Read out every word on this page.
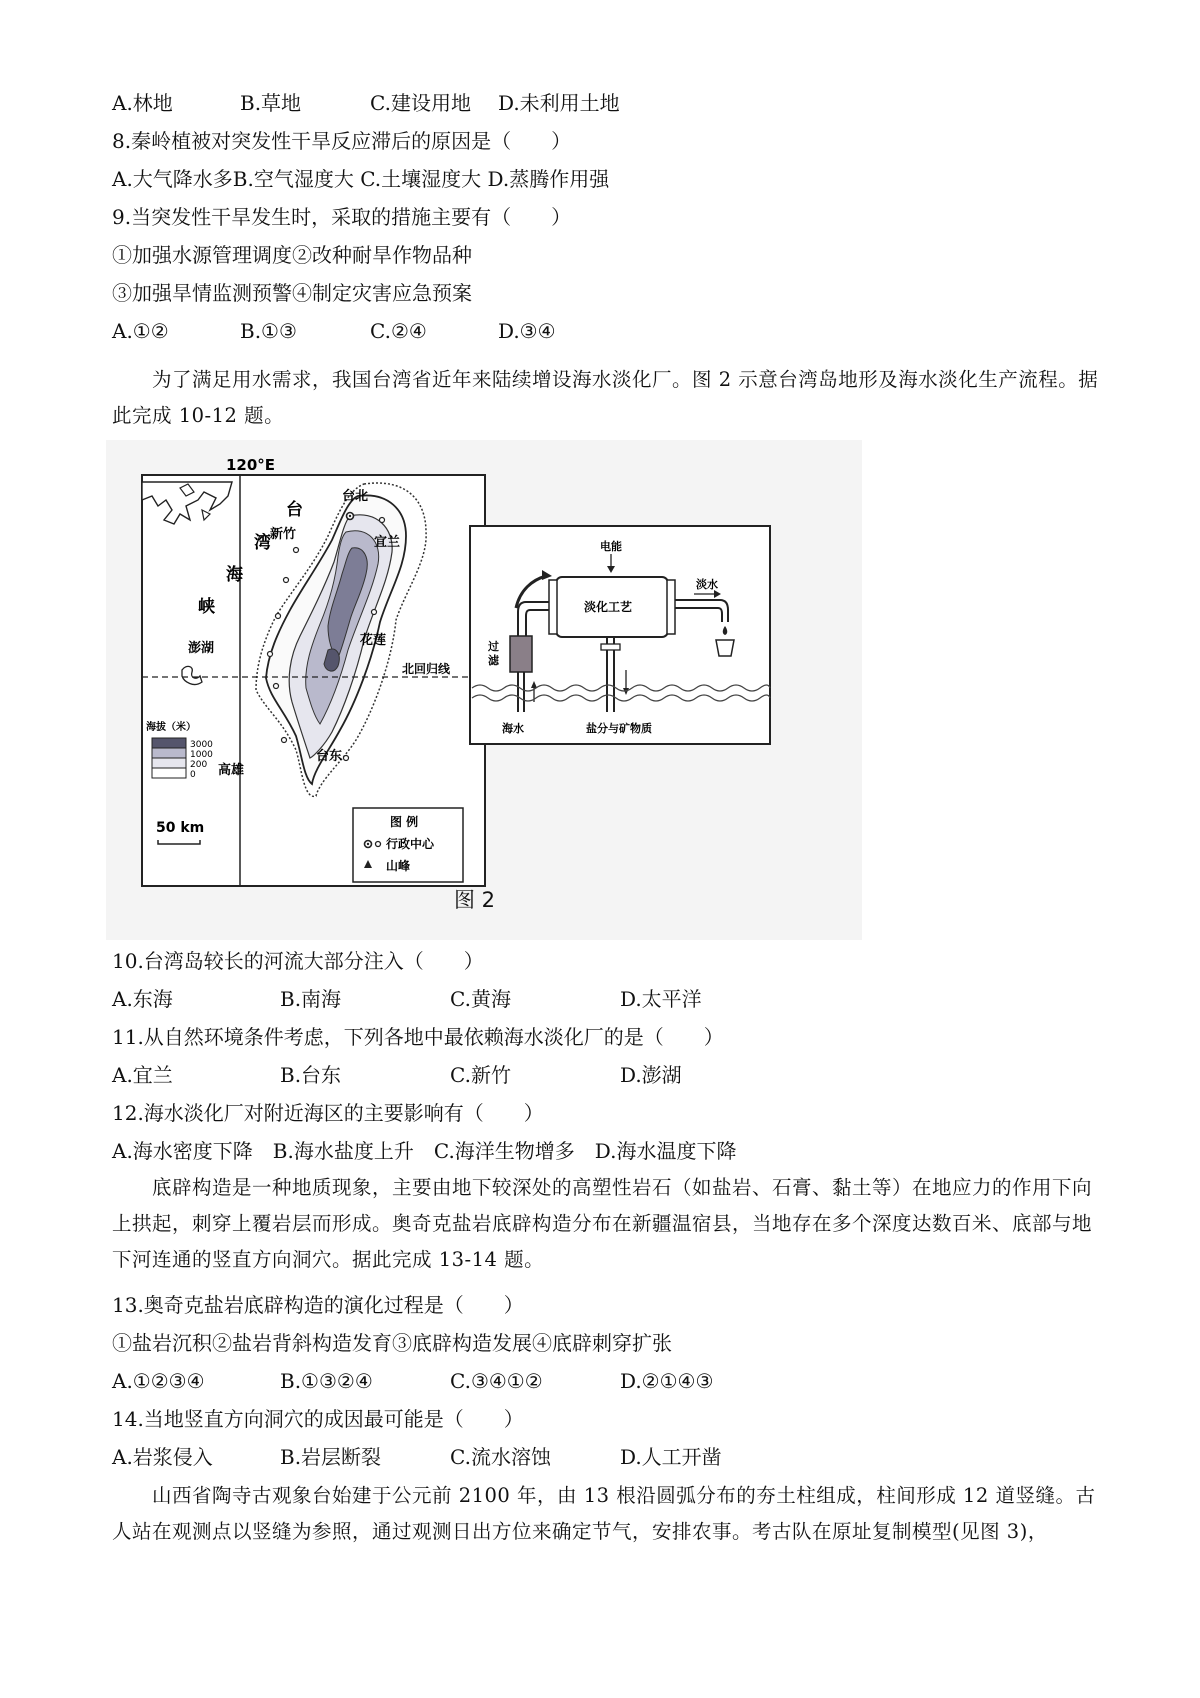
A.林地	B.草地	C.建设用地 D.未利用土地
8.秦岭植被对突发性干旱反应滞后的原因是（　　）
A.大气降水多B.空气湿度大 C.土壤湿度大 D.蒸腾作用强
9.当突发性干旱发生时，采取的措施主要有（　　）
①加强水源管理调度②改种耐旱作物品种
③加强旱情监测预警④制定灾害应急预案
A.①②	B.①③	C.②④	D.③④
为了满足用水需求，我国台湾省近年来陆续增设海水淡化厂。图 2 示意台湾岛地形及海水淡化生产流程。据此完成 10-12 题。
120°E
台
湾
海
峡
台北
新竹
宜兰
澎湖
花莲
北回归线
台东
高雄
海拔（米）
3000
1000
200
0
50 km	图 例
行政中心
山峰
电能
淡化工艺
淡水
过
滤
海水	盐分与矿物质
图 2
10.台湾岛较长的河流大部分注入（　　）
A.东海	B.南海	C.黄海	D.太平洋
11.从自然环境条件考虑，下列各地中最依赖海水淡化厂的是（　　）
A.宜兰	B.台东	C.新竹	D.澎湖
12.海水淡化厂对附近海区的主要影响有（　　）
A.海水密度下降　B.海水盐度上升　C.海洋生物增多　D.海水温度下降
底辟构造是一种地质现象，主要由地下较深处的高塑性岩石（如盐岩、石膏、黏土等）在地应力的作用下向上拱起，刺穿上覆岩层而形成。奥奇克盐岩底辟构造分布在新疆温宿县，当地存在多个深度达数百米、底部与地下河连通的竖直方向洞穴。据此完成 13-14 题。
13.奥奇克盐岩底辟构造的演化过程是（　　）
①盐岩沉积②盐岩背斜构造发育③底辟构造发展④底辟刺穿扩张
A.①②③④	B.①③②④	C.③④①②	D.②①④③
14.当地竖直方向洞穴的成因最可能是（　　）
A.岩浆侵入	B.岩层断裂	C.流水溶蚀	D.人工开凿
山西省陶寺古观象台始建于公元前 2100 年，由 13 根沿圆弧分布的夯土柱组成，柱间形成 12 道竖缝。古人站在观测点以竖缝为参照，通过观测日出方位来确定节气，安排农事。考古队在原址复制模型(见图 3)，
